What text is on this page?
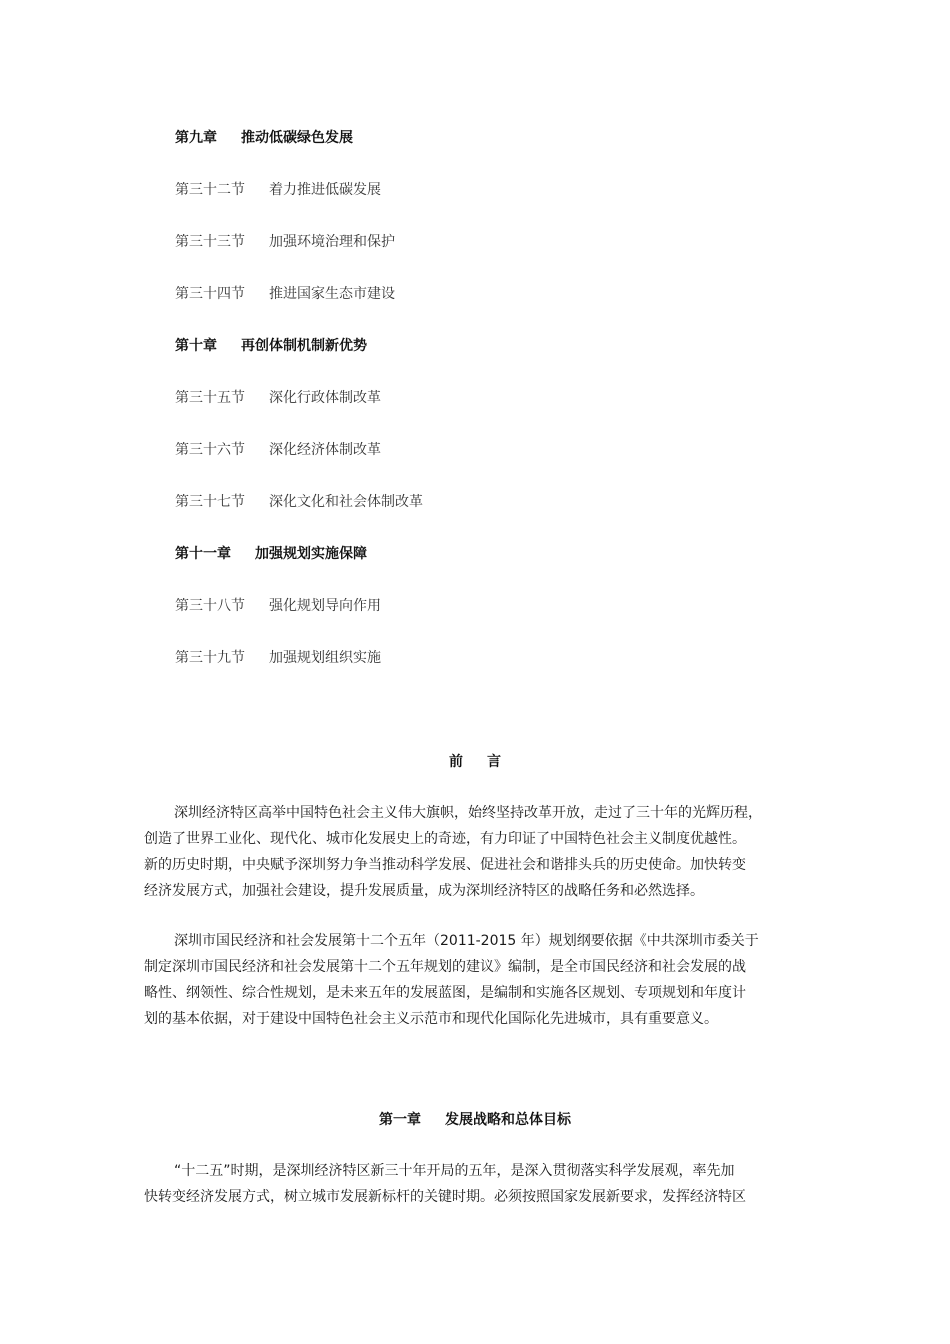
第九章 推动低碳绿色发展
第三十二节 着力推进低碳发展
第三十三节 加强环境治理和保护
第三十四节 推进国家生态市建设
第十章 再创体制机制新优势
第三十五节 深化行政体制改革
第三十六节 深化经济体制改革
第三十七节 深化文化和社会体制改革
第十一章 加强规划实施保障
第三十八节 强化规划导向作用
第三十九节 加强规划组织实施
前 言
深圳经济特区高举中国特色社会主义伟大旗帜，始终坚持改革开放，走过了三十年的光辉历程，
创造了世界工业化、现代化、城市化发展史上的奇迹，有力印证了中国特色社会主义制度优越性。
新的历史时期，中央赋予深圳努力争当推动科学发展、促进社会和谐排头兵的历史使命。加快转变
经济发展方式，加强社会建设，提升发展质量，成为深圳经济特区的战略任务和必然选择。
深圳市国民经济和社会发展第十二个五年（2011-2015 年）规划纲要依据《中共深圳市委关于
制定深圳市国民经济和社会发展第十二个五年规划的建议》编制，是全市国民经济和社会发展的战
略性、纲领性、综合性规划，是未来五年的发展蓝图，是编制和实施各区规划、专项规划和年度计
划的基本依据，对于建设中国特色社会主义示范市和现代化国际化先进城市，具有重要意义。
第一章 发展战略和总体目标
“十二五”时期，是深圳经济特区新三十年开局的五年，是深入贯彻落实科学发展观，率先加
快转变经济发展方式，树立城市发展新标杆的关键时期。必须按照国家发展新要求，发挥经济特区
